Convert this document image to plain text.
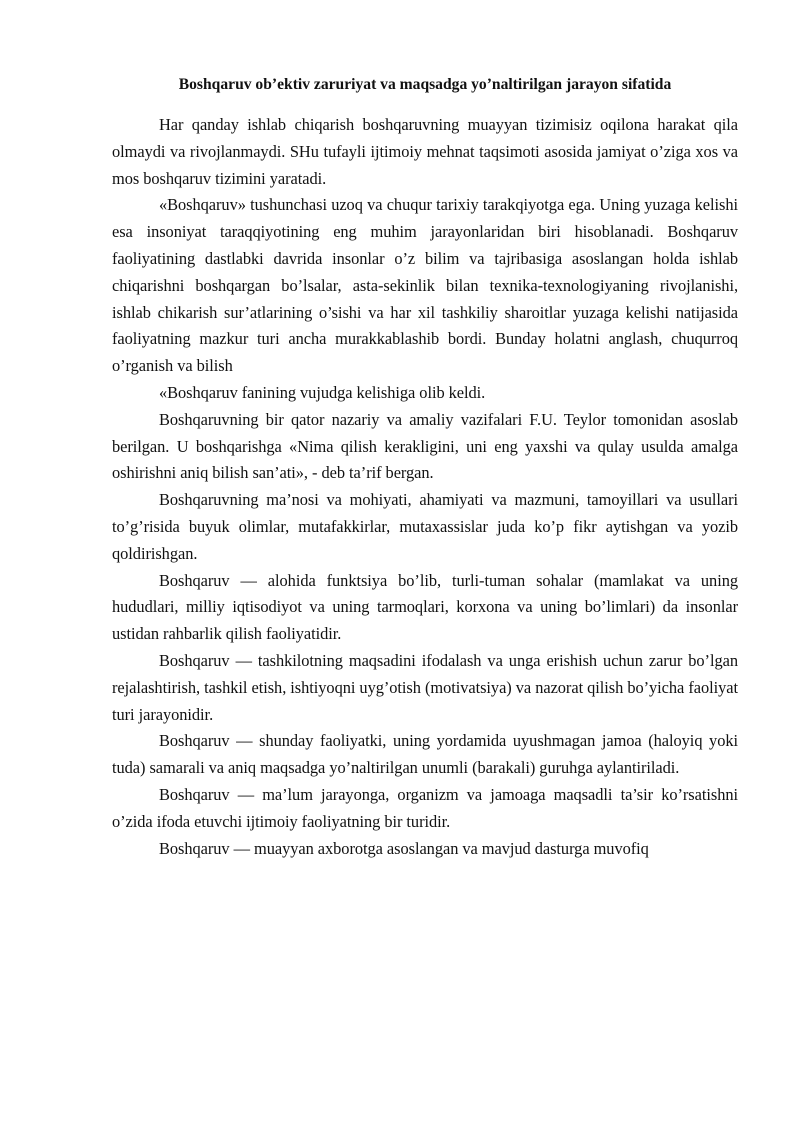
Boshqaruv ob’ektiv zaruriyat va maqsadga yo’naltirilgan jarayon sifatida

Har qanday ishlab chiqarish boshqaruvning muayyan tizimisiz oqilona harakat qila olmaydi va rivojlanmaydi. SHu tufayli ijtimoiy mehnat taqsimoti asosida jamiyat o’ziga xos va mos boshqaruv tizimini yaratadi.

«Boshqaruv» tushunchasi uzoq va chuqur tarixiy tarakqiyotga ega. Uning yuzaga kelishi esa insoniyat taraqqiyotining eng muhim jarayonlaridan biri hisoblanadi. Boshqaruv faoliyatining dastlabki davrida insonlar o’z bilim va tajribasiga asoslangan holda ishlab chiqarishni boshqargan bo’lsalar, asta-sekinlik bilan texnika-texnologiyaning rivojlanishi, ishlab chikarish sur’atlarining o’sishi va har xil tashkiliy sharoitlar yuzaga kelishi natijasida faoliyatning mazkur turi ancha murakkablashib bordi. Bunday holatni anglash, chuqurroq o’rganish va bilish

«Boshqaruv fanining vujudga kelishiga olib keldi.

Boshqaruvning bir qator nazariy va amaliy vazifalari F.U. Teylor tomonidan asoslab berilgan. U boshqarishga «Nima qilish kerakligini, uni eng yaxshi va qulay usulda amalga oshirishni aniq bilish san’ati», - deb ta’rif bergan.

Boshqaruvning ma’nosi va mohiyati, ahamiyati va mazmuni, tamoyillari va usullari to’g’risida buyuk olimlar, mutafakkirlar, mutaxassislar juda ko’p fikr aytishgan va yozib qoldirishgan.

Boshqaruv — alohida funktsiya bo’lib, turli-tuman sohalar (mamlakat va uning hududlari, milliy iqtisodiyot va uning tarmoqlari, korxona va uning bo’limlari) da insonlar ustidan rahbarlik qilish faoliyatidir.

Boshqaruv — tashkilotning maqsadini ifodalash va unga erishish uchun zarur bo’lgan rejalashtirish, tashkil etish, ishtiyoqni uyg’otish (motivatsiya) va nazorat qilish bo’yicha faoliyat turi jarayonidir.

Boshqaruv — shunday faoliyatki, uning yordamida uyushmagan jamoa (haloyiq yoki tuda) samarali va aniq maqsadga yo’naltirilgan unumli (barakali) guruhga aylantiriladi.

Boshqaruv — ma’lum jarayonga, organizm va jamoaga maqsadli ta’sir ko’rsatishni o’zida ifoda etuvchi ijtimoiy faoliyatning bir turidir.

Boshqaruv — muayyan axborotga asoslangan va mavjud dasturga muvofiq
